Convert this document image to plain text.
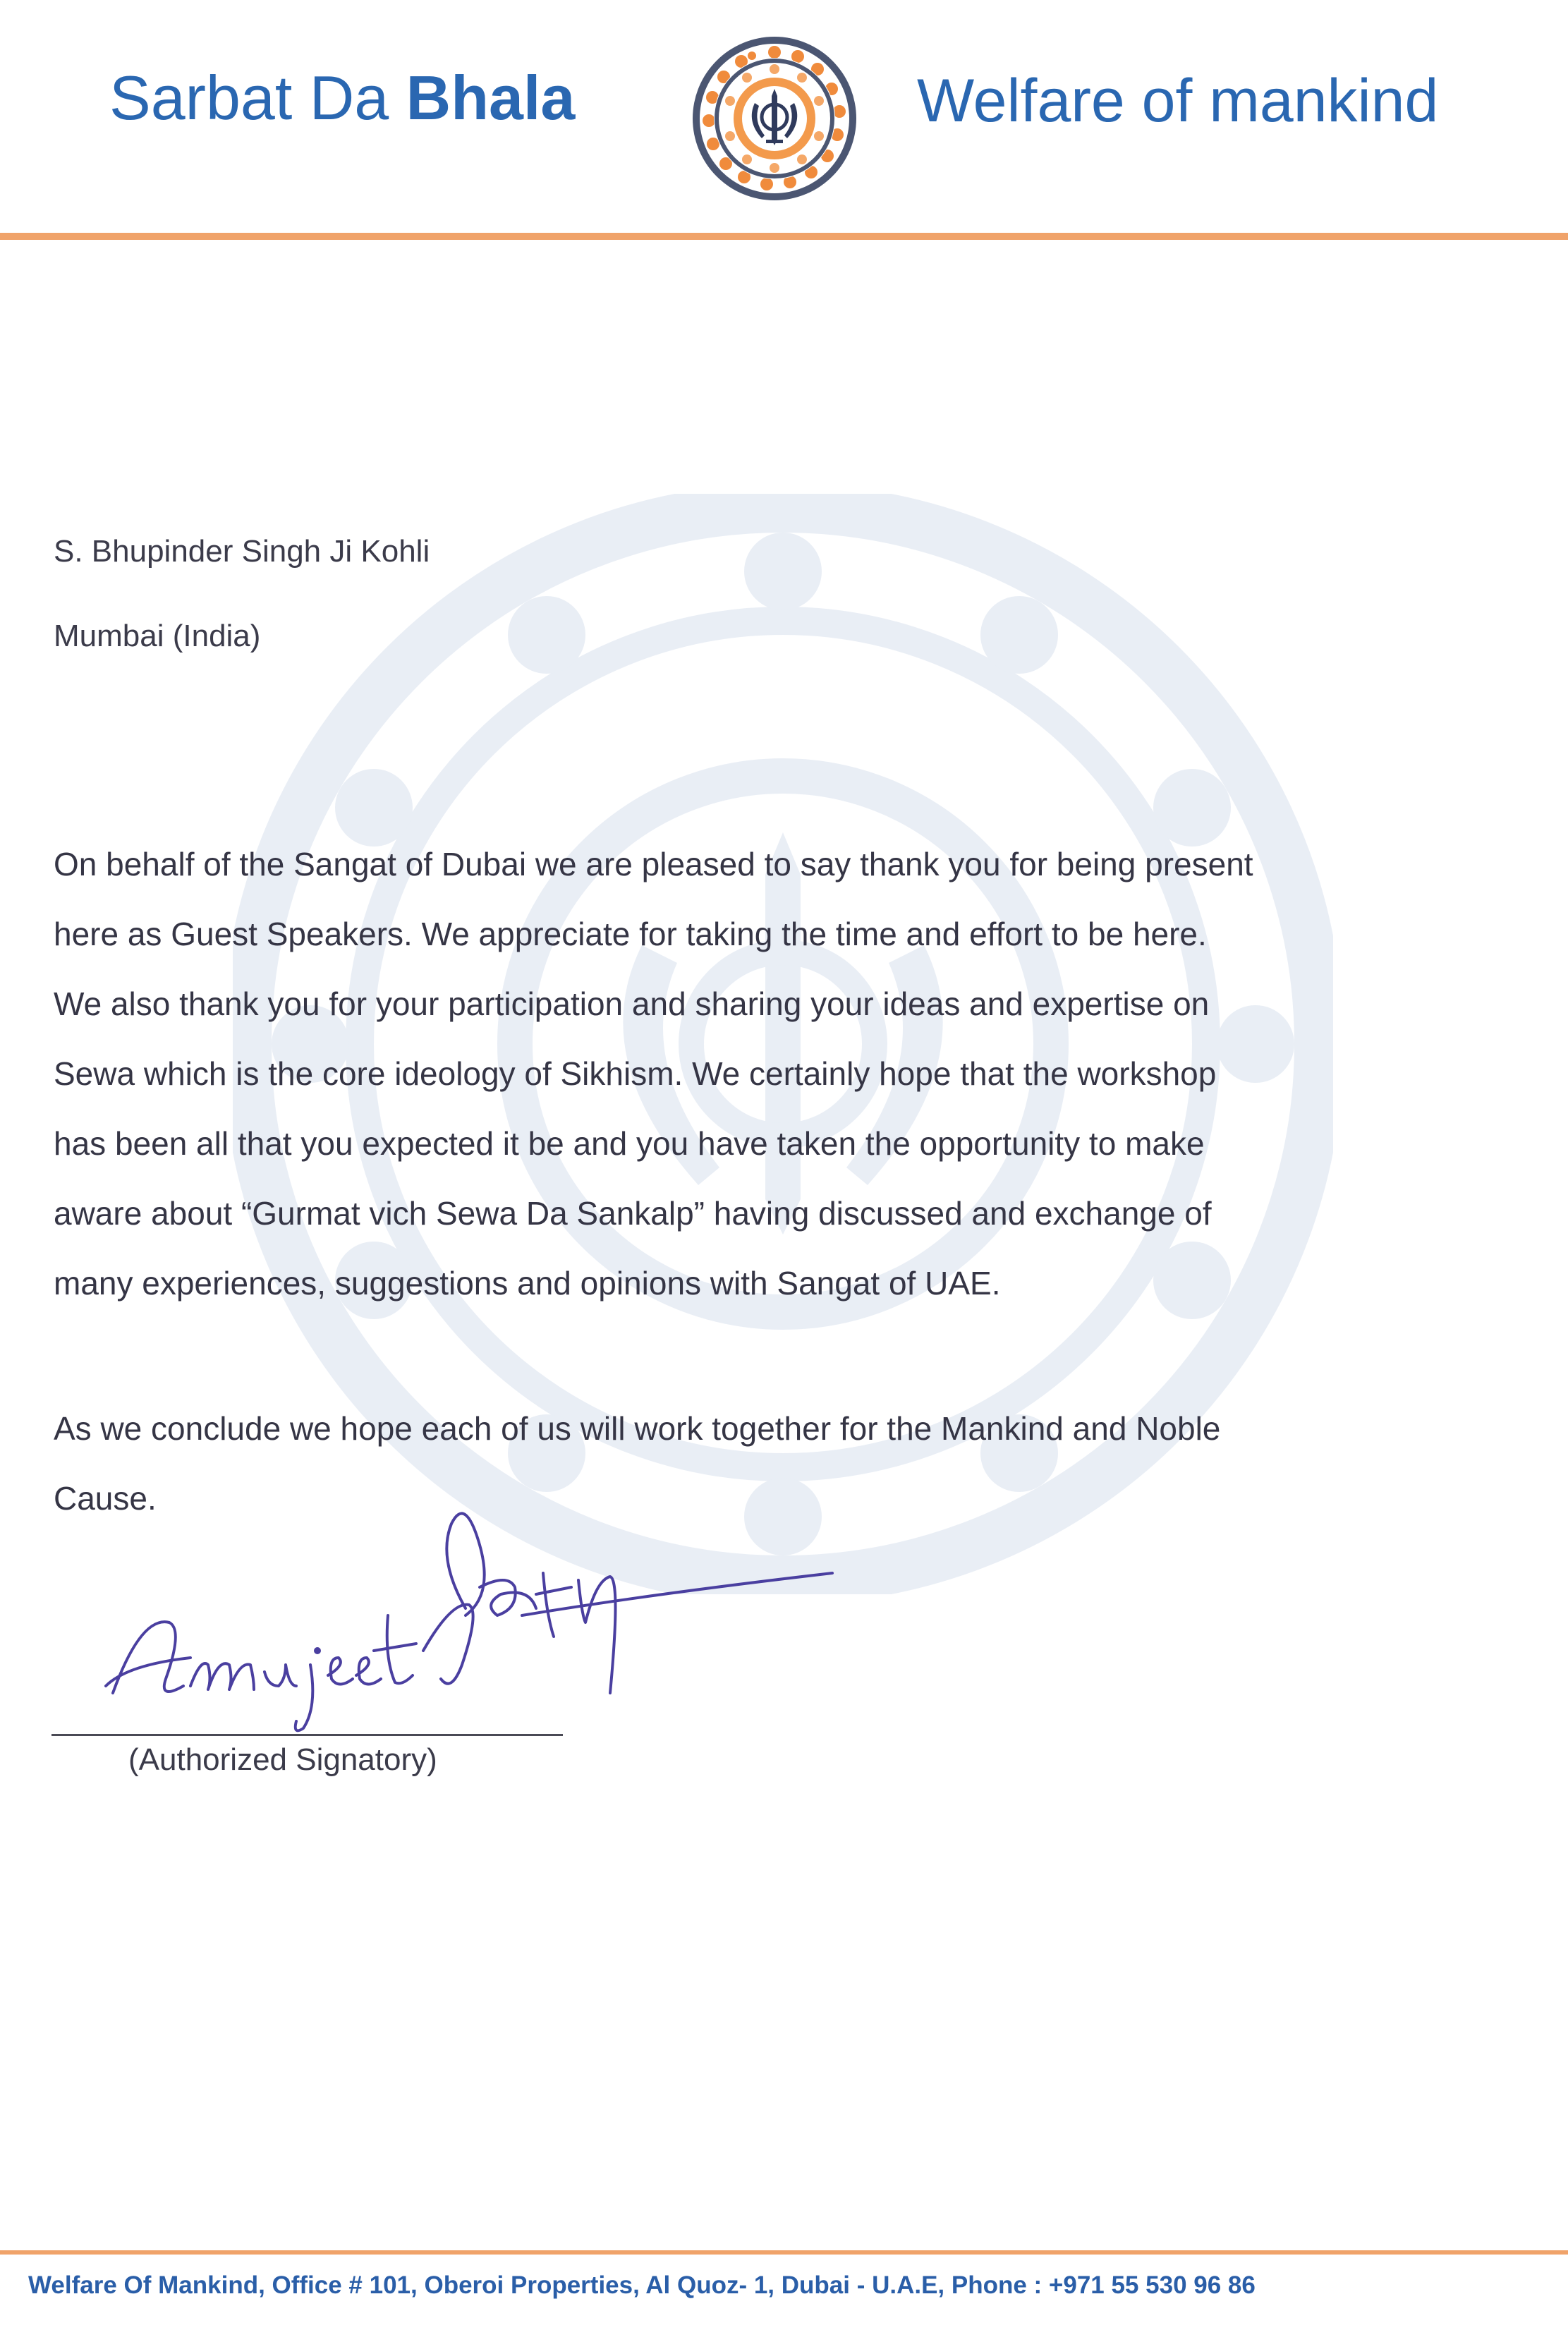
Sarbat Da Bhala	Welfare of mankind
S. Bhupinder Singh Ji Kohli
Mumbai (India)
On behalf of the Sangat of Dubai we are pleased to say thank you for being present
here as Guest Speakers. We appreciate for taking the time and effort to be here.
We also thank you for your participation and sharing your ideas and expertise on
Sewa which is the core ideology of Sikhism. We certainly hope that the workshop
has been all that you expected it be and you have taken the opportunity to make
aware about “Gurmat vich Sewa Da Sankalp” having discussed and exchange of
many experiences, suggestions and opinions with Sangat of UAE.
As we conclude we hope each of us will work together for the Mankind and Noble
Cause.
(Authorized Signatory)
Welfare Of Mankind, Office # 101, Oberoi Properties, Al Quoz- 1, Dubai - U.A.E, Phone : +971 55 530 96 86
